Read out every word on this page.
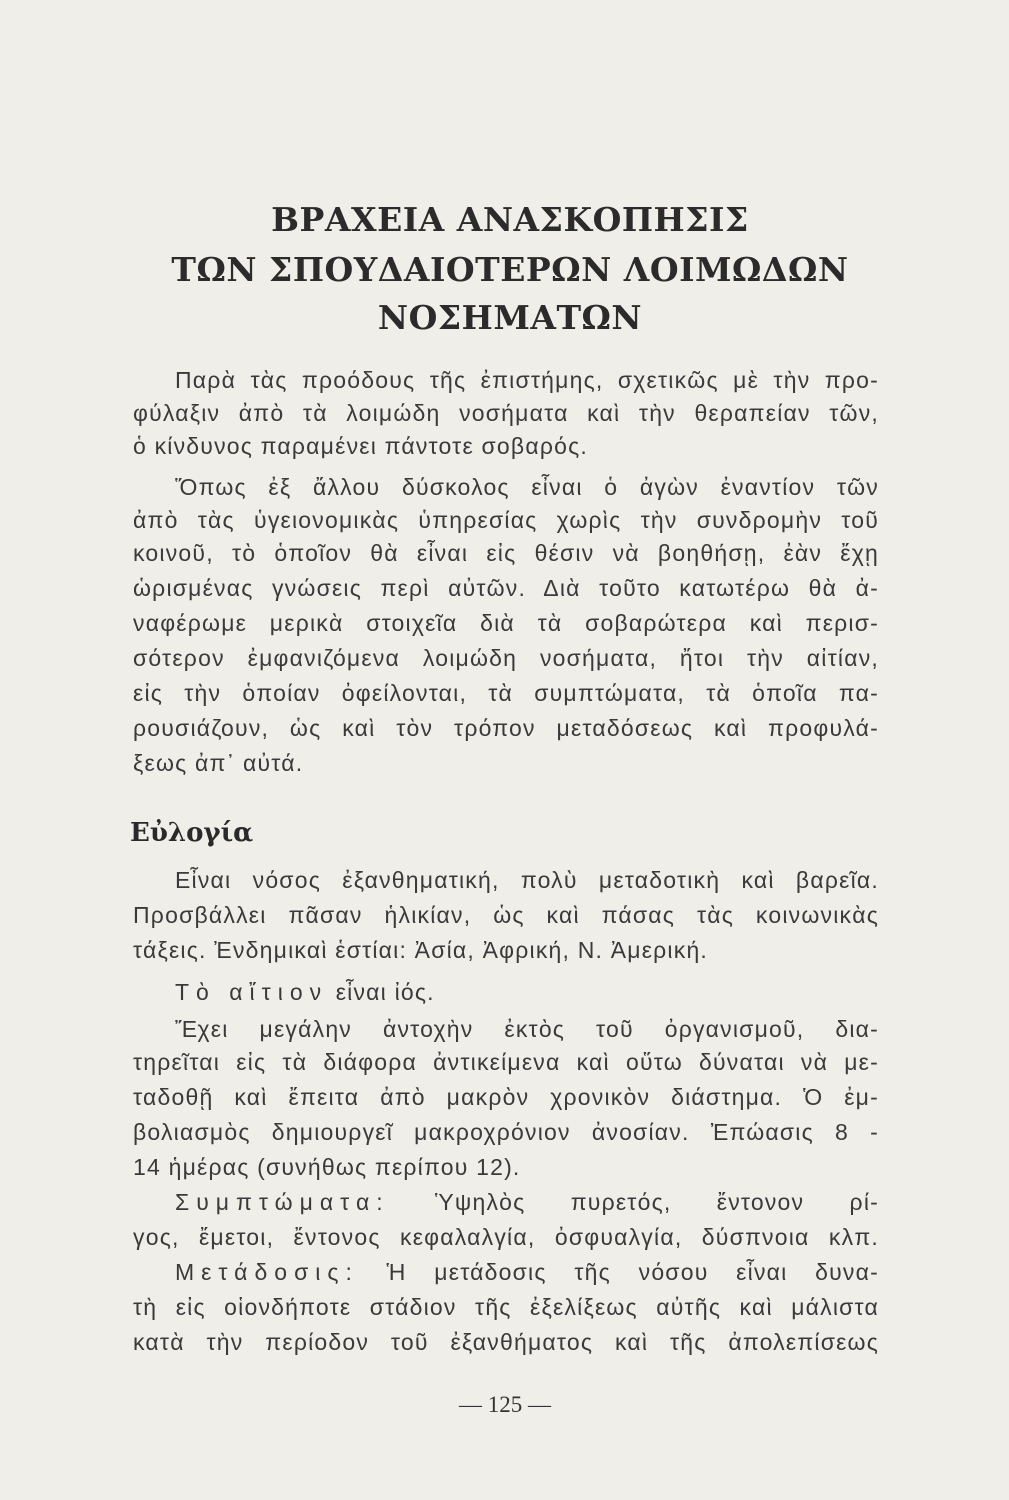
ΒΡΑΧΕΙΑ ΑΝΑΣΚΟΠΗΣΙΣ
ΤΩΝ ΣΠΟΥΔΑΙΟΤΕΡΩΝ ΛΟΙΜΩΔΩΝ
ΝΟΣΗΜΑΤΩΝ
Παρὰ τὰς προόδους τῆς ἐπιστήμης, σχετικῶς μὲ τὴν προ-
φύλαξιν ἀπὸ τὰ λοιμώδη νοσήματα καὶ τὴν θεραπείαν τῶν,
ὁ κίνδυνος παραμένει πάντοτε σοβαρός.
Ὅπως ἐξ ἄλλου δύσκολος εἶναι ὁ ἀγὼν ἐναντίον τῶν
ἀπὸ τὰς ὑγειονομικὰς ὑπηρεσίας χωρὶς τὴν συνδρομὴν τοῦ
κοινοῦ, τὸ ὁποῖον θὰ εἶναι εἰς θέσιν νὰ βοηθήσῃ, ἐὰν ἔχῃ
ὡρισμένας γνώσεις περὶ αὐτῶν. Διὰ τοῦτο κατωτέρω θὰ ἀ-
ναφέρωμε μερικὰ στοιχεῖα διὰ τὰ σοβαρώτερα καὶ περισ-
σότερον ἐμφανιζόμενα λοιμώδη νοσήματα, ἤτοι τὴν αἰτίαν,
εἰς τὴν ὁποίαν ὀφείλονται, τὰ συμπτώματα, τὰ ὁποῖα πα-
ρουσιάζουν, ὡς καὶ τὸν τρόπον μεταδόσεως καὶ προφυλά-
ξεως ἀπ᾽ αὐτά.
Εὐλογία
Εἶναι νόσος ἐξανθηματική, πολὺ μεταδοτικὴ καὶ βαρεῖα.
Προσβάλλει πᾶσαν ἡλικίαν, ὡς καὶ πάσας τὰς κοινωνικὰς
τάξεις. Ἐνδημικαὶ ἑστίαι: Ἀσία, Ἀφρική, Ν. Ἀμερική.
Τὸ αἴτιον εἶναι ἰός.
Ἔχει μεγάλην ἀντοχὴν ἐκτὸς τοῦ ὀργανισμοῦ, δια-
τηρεῖται εἰς τὰ διάφορα ἀντικείμενα καὶ οὕτω δύναται νὰ με-
ταδοθῇ καὶ ἔπειτα ἀπὸ μακρὸν χρονικὸν διάστημα. Ὁ ἐμ-
βολιασμὸς δημιουργεῖ μακροχρόνιον ἀνοσίαν. Ἐπώασις 8 -
14 ἡμέρας (συνήθως περίπου 12).
Συμπτώματα: Ὑψηλὸς πυρετός, ἔντονον ρί-
γος, ἔμετοι, ἔντονος κεφαλαλγία, ὀσφυαλγία, δύσπνοια κλπ.
Μετάδοσις: Ἡ μετάδοσις τῆς νόσου εἶναι δυνα-
τὴ εἰς οἱονδήποτε στάδιον τῆς ἐξελίξεως αὐτῆς καὶ μάλιστα
κατὰ τὴν περίοδον τοῦ ἐξανθήματος καὶ τῆς ἀπολεπίσεως
— 125 —
